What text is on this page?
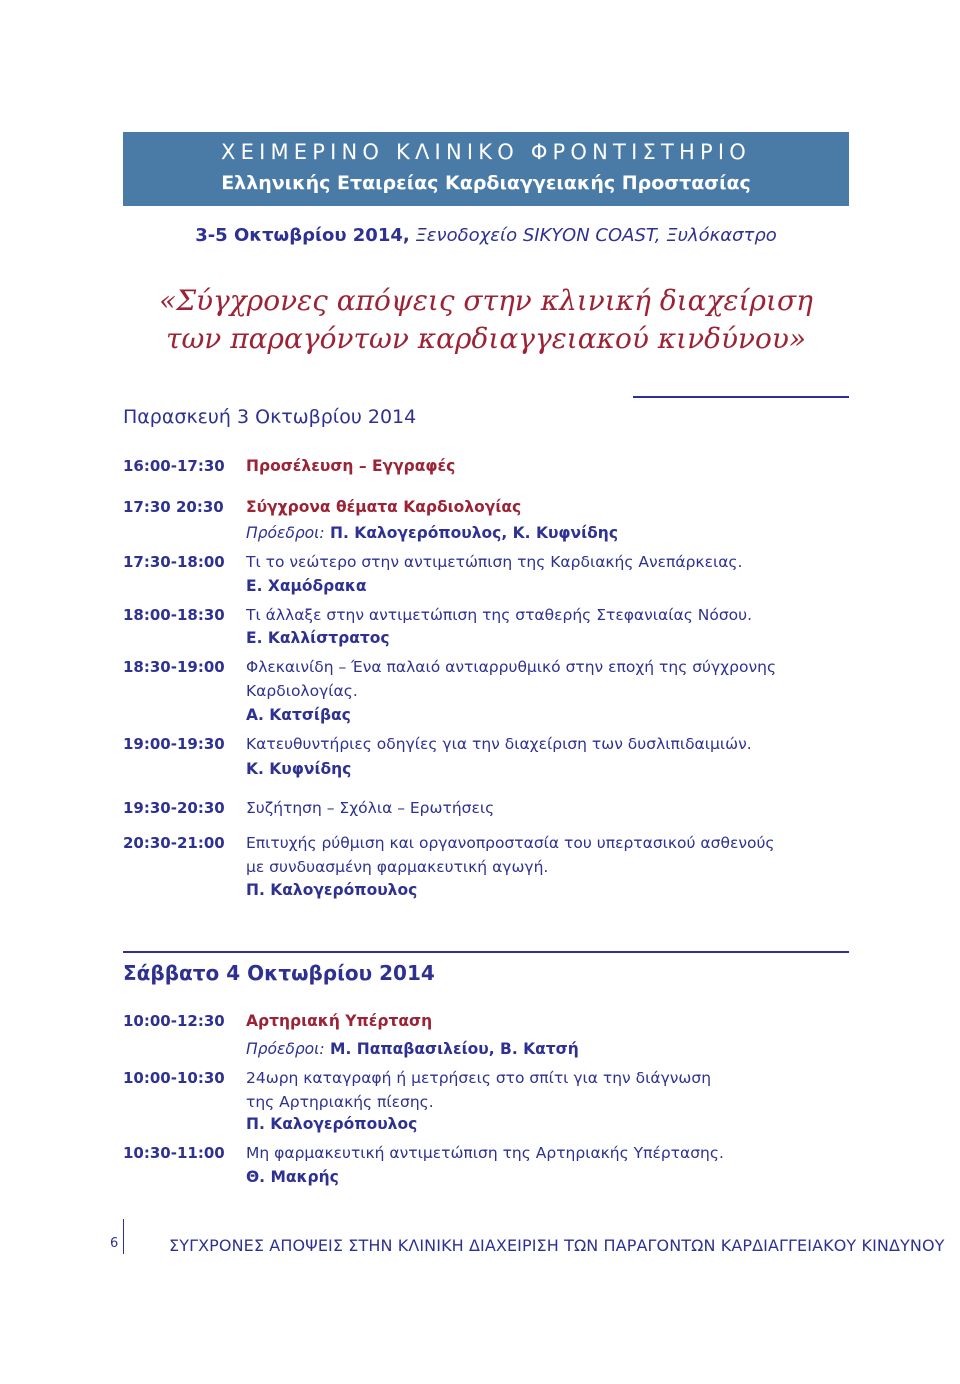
ΧΕΙΜΕΡΙΝΟ ΚΛΙΝΙΚΟ ΦΡΟΝΤΙΣΤΗΡΙΟ
Ελληνικής Εταιρείας Καρδιαγγειακής Προστασίας
3-5 Οκτωβρίου 2014, Ξενοδοχείο SIKYON COAST, Ξυλόκαστρο
«Σύγχρονες απόψεις στην κλινική διαχείριση
των παραγόντων καρδιαγγειακού κινδύνου»
Παρασκευή 3 Οκτωβρίου 2014
16:00-17:30 Προσέλευση – Εγγραφές
17:30 20:30 Σύγχρονα θέματα Καρδιολογίας
Πρόεδροι: Π. Καλογερόπουλος, Κ. Κυφνίδης
17:30-18:00 Τι το νεώτερο στην αντιμετώπιση της Καρδιακής Ανεπάρκειας.
Ε. Χαμόδρακα
18:00-18:30 Τι άλλαξε στην αντιμετώπιση της σταθερής Στεφανιαίας Νόσου.
Ε. Καλλίστρατος
18:30-19:00 Φλεκαινίδη – Ένα παλαιό αντιαρρυθμικό στην εποχή της σύγχρονης
Καρδιολογίας.
Α. Κατσίβας
19:00-19:30 Κατευθυντήριες οδηγίες για την διαχείριση των δυσλιπιδαιμιών.
Κ. Κυφνίδης
19:30-20:30 Συζήτηση – Σχόλια – Ερωτήσεις
20:30-21:00 Επιτυχής ρύθμιση και οργανοπροστασία του υπερτασικού ασθενούς
με συνδυασμένη φαρμακευτική αγωγή.
Π. Καλογερόπουλος
Σάββατο 4 Οκτωβρίου 2014
10:00-12:30 Αρτηριακή Υπέρταση
Πρόεδροι: Μ. Παπαβασιλείου, Β. Κατσή
10:00-10:30 24ωρη καταγραφή ή μετρήσεις στο σπίτι για την διάγνωση
της Αρτηριακής πίεσης.
Π. Καλογερόπουλος
10:30-11:00 Μη φαρμακευτική αντιμετώπιση της Αρτηριακής Υπέρτασης.
Θ. Μακρής
6	ΣΥΓΧΡΟΝΕΣ ΑΠΟΨΕΙΣ ΣΤΗΝ ΚΛΙΝΙΚΗ ΔΙΑΧΕΙΡΙΣΗ ΤΩΝ ΠΑΡΑΓΟΝΤΩΝ ΚΑΡΔΙΑΓΓΕΙΑΚΟΥ ΚΙΝΔΥΝΟΥ
